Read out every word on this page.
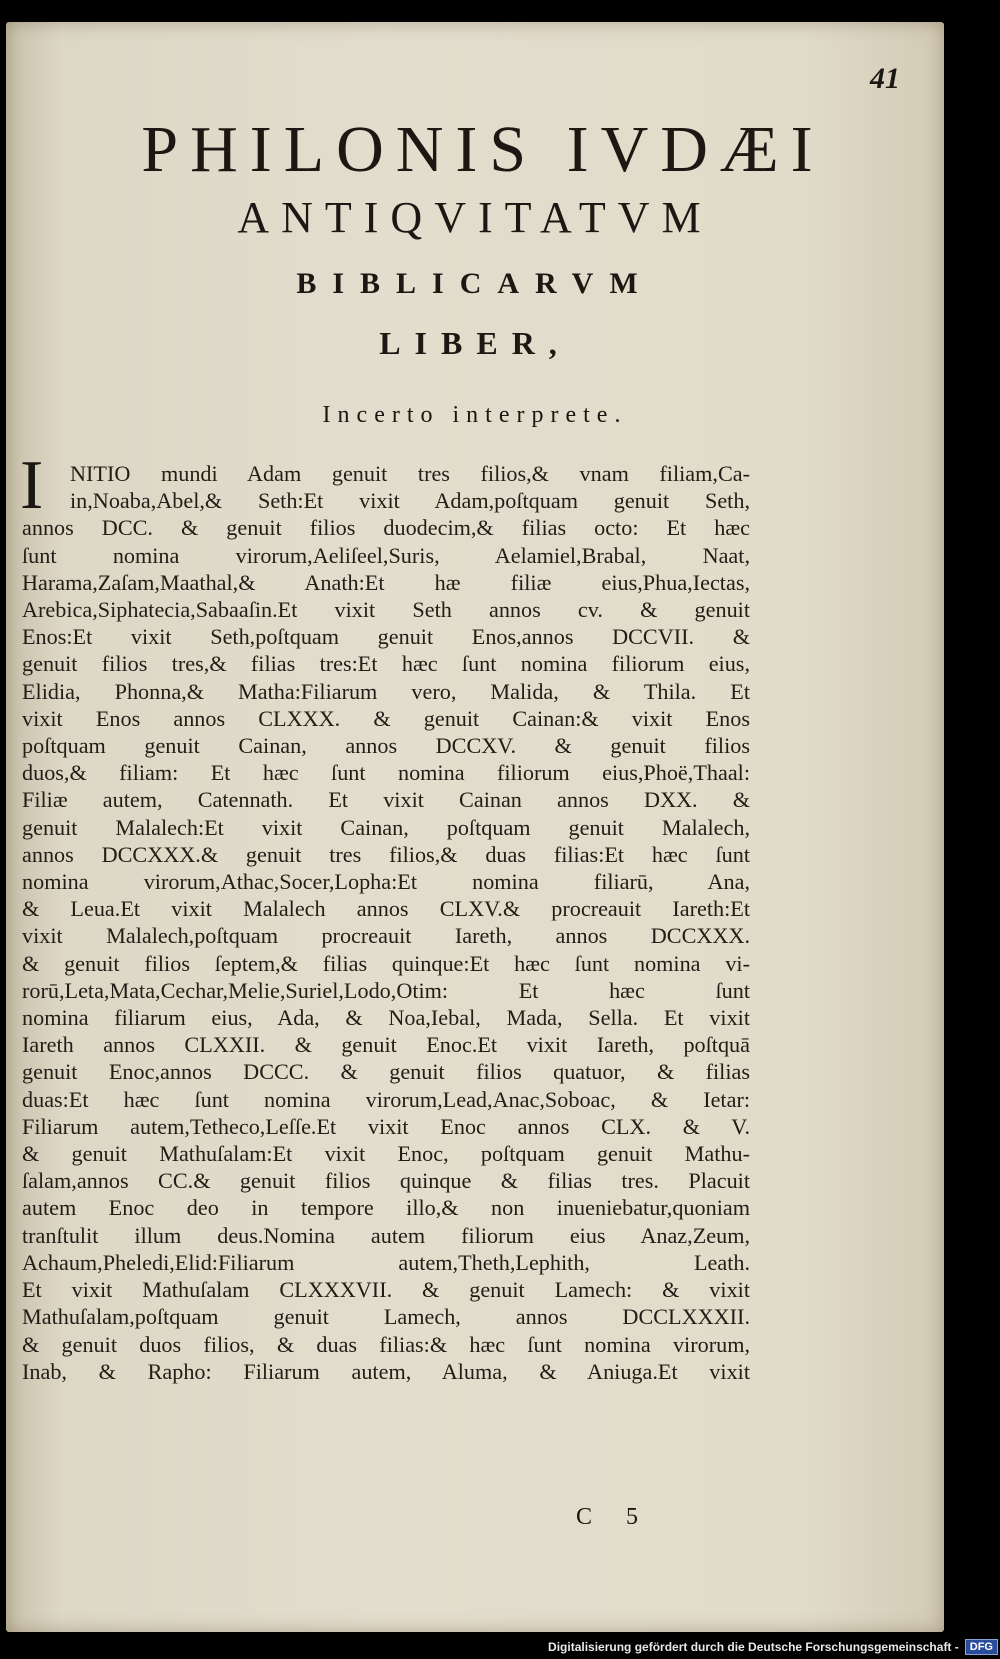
41
PHILONIS IVDÆI
ANTIQVITATVM
BIBLICARVM
LIBER,
Incerto interprete.
I	NITIO mundi Adam genuit tres filios,& vnam filiam,Ca-
in,Noaba,Abel,& Seth:Et vixit Adam,poſtquam genuit Seth,
annos DCC. & genuit filios duodecim,& filias octo: Et hæc
ſunt nomina virorum,Aeliſeel,Suris, Aelamiel,Brabal, Naat,
Harama,Zaſam,Maathal,& Anath:Et hæ filiæ eius,Phua,Iectas,
Arebica,Siphatecia,Sabaaſin.Et vixit Seth annos cv. & genuit
Enos:Et vixit Seth,poſtquam genuit Enos,annos DCCVII. &
genuit filios tres,& filias tres:Et hæc ſunt nomina filiorum eius,
Elidia, Phonna,& Matha:Filiarum vero, Malida, & Thila. Et
vixit Enos annos CLXXX. & genuit Cainan:& vixit Enos
poſtquam genuit Cainan, annos DCCXV. & genuit filios
duos,& filiam: Et hæc ſunt nomina filiorum eius,Phoë,Thaal:
Filiæ autem, Catennath. Et vixit Cainan annos DXX. &
genuit Malalech:Et vixit Cainan, poſtquam genuit Malalech,
annos DCCXXX.& genuit tres filios,& duas filias:Et hæc ſunt
nomina virorum,Athac,Socer,Lopha:Et nomina filiarū, Ana,
& Leua.Et vixit Malalech annos CLXV.& procreauit Iareth:Et
vixit Malalech,poſtquam procreauit Iareth, annos DCCXXX.
& genuit filios ſeptem,& filias quinque:Et hæc ſunt nomina vi-
rorū,Leta,Mata,Cechar,Melie,Suriel,Lodo,Otim: Et hæc ſunt
nomina filiarum eius, Ada, & Noa,Iebal, Mada, Sella. Et vixit
Iareth annos CLXXII. & genuit Enoc.Et vixit Iareth, poſtquā
genuit Enoc,annos DCCC. & genuit filios quatuor, & filias
duas:Et hæc ſunt nomina virorum,Lead,Anac,Soboac, & Ietar:
Filiarum autem,Tetheco,Leſſe.Et vixit Enoc annos CLX. & V.
& genuit Mathuſalam:Et vixit Enoc, poſtquam genuit Mathu-
ſalam,annos CC.& genuit filios quinque & filias tres. Placuit
autem Enoc deo in tempore illo,& non inueniebatur,quoniam
tranſtulit illum deus.Nomina autem filiorum eius Anaz,Zeum,
Achaum,Pheledi,Elid:Filiarum autem,Theth,Lephith, Leath.
Et vixit Mathuſalam CLXXXVII. & genuit Lamech: & vixit
Mathuſalam,poſtquam genuit Lamech, annos DCCLXXXII.
& genuit duos filios, & duas filias:& hæc ſunt nomina virorum,
Inab, & Rapho: Filiarum autem, Aluma, & Aniuga.Et vixit
C 5
Digitalisierung gefördert durch die Deutsche Forschungsgemeinschaft -	DFG
